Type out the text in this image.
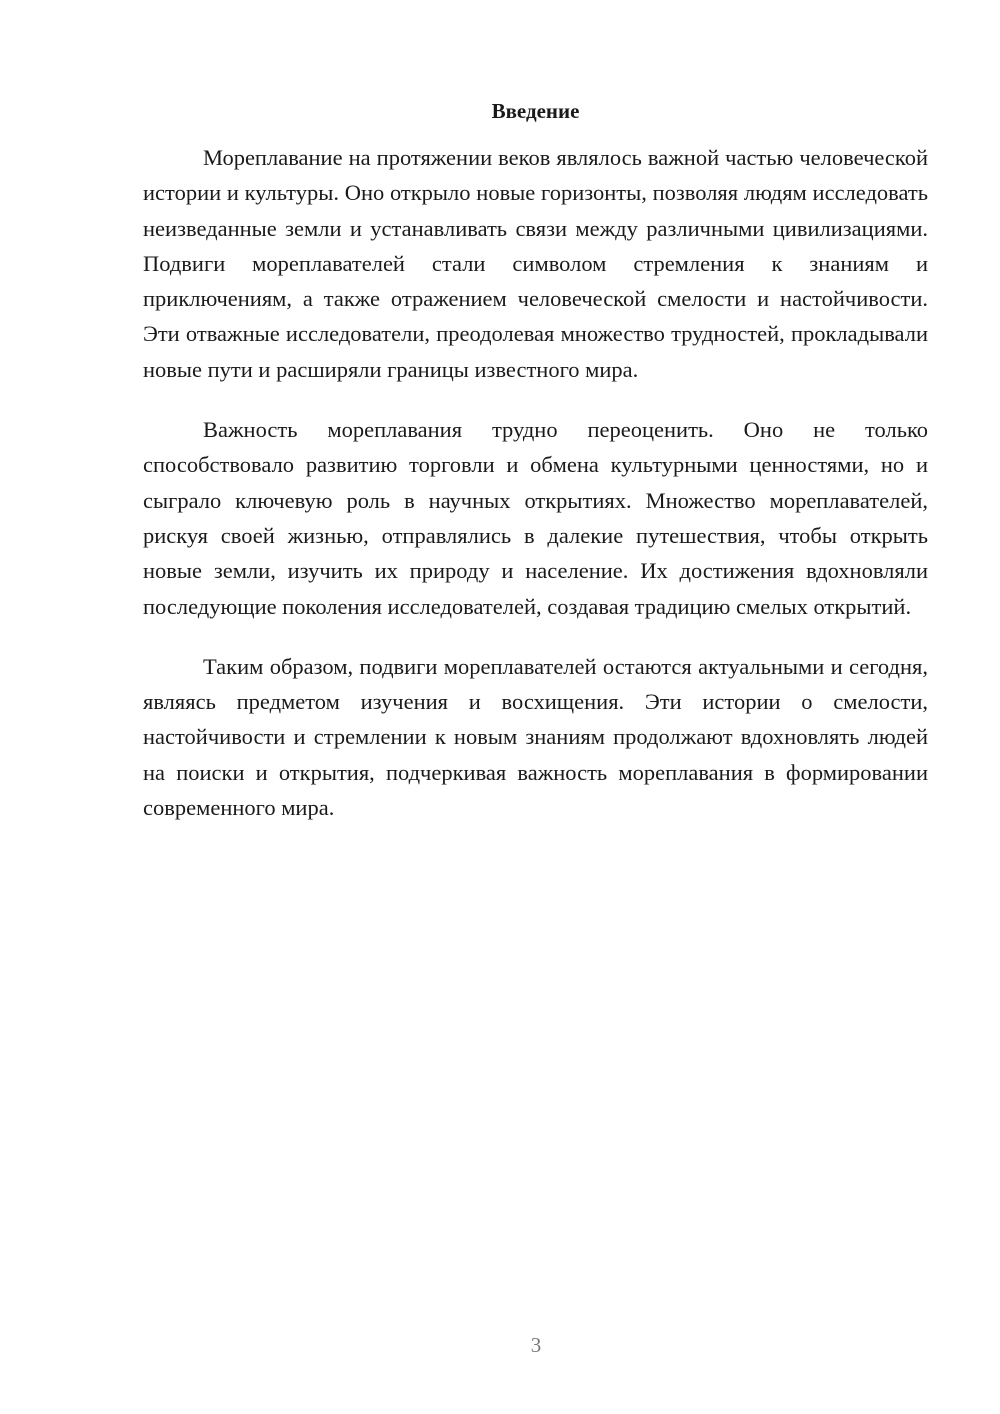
Введение

Мореплавание на протяжении веков являлось важной частью человеческой истории и культуры. Оно открыло новые горизонты, позволяя людям исследовать неизведанные земли и устанавливать связи между различными цивилизациями. Подвиги мореплавателей стали символом стремления к знаниям и приключениям, а также отражением человеческой смелости и настойчивости. Эти отважные исследователи, преодолевая множество трудностей, прокладывали новые пути и расширяли границы известного мира.

Важность мореплавания трудно переоценить. Оно не только способствовало развитию торговли и обмена культурными ценностями, но и сыграло ключевую роль в научных открытиях. Множество мореплавателей, рискуя своей жизнью, отправлялись в далекие путешествия, чтобы открыть новые земли, изучить их природу и население. Их достижения вдохновляли последующие поколения исследователей, создавая традицию смелых открытий.

Таким образом, подвиги мореплавателей остаются актуальными и сегодня, являясь предметом изучения и восхищения. Эти истории о смелости, настойчивости и стремлении к новым знаниям продолжают вдохновлять людей на поиски и открытия, подчеркивая важность мореплавания в формировании современного мира.

3
